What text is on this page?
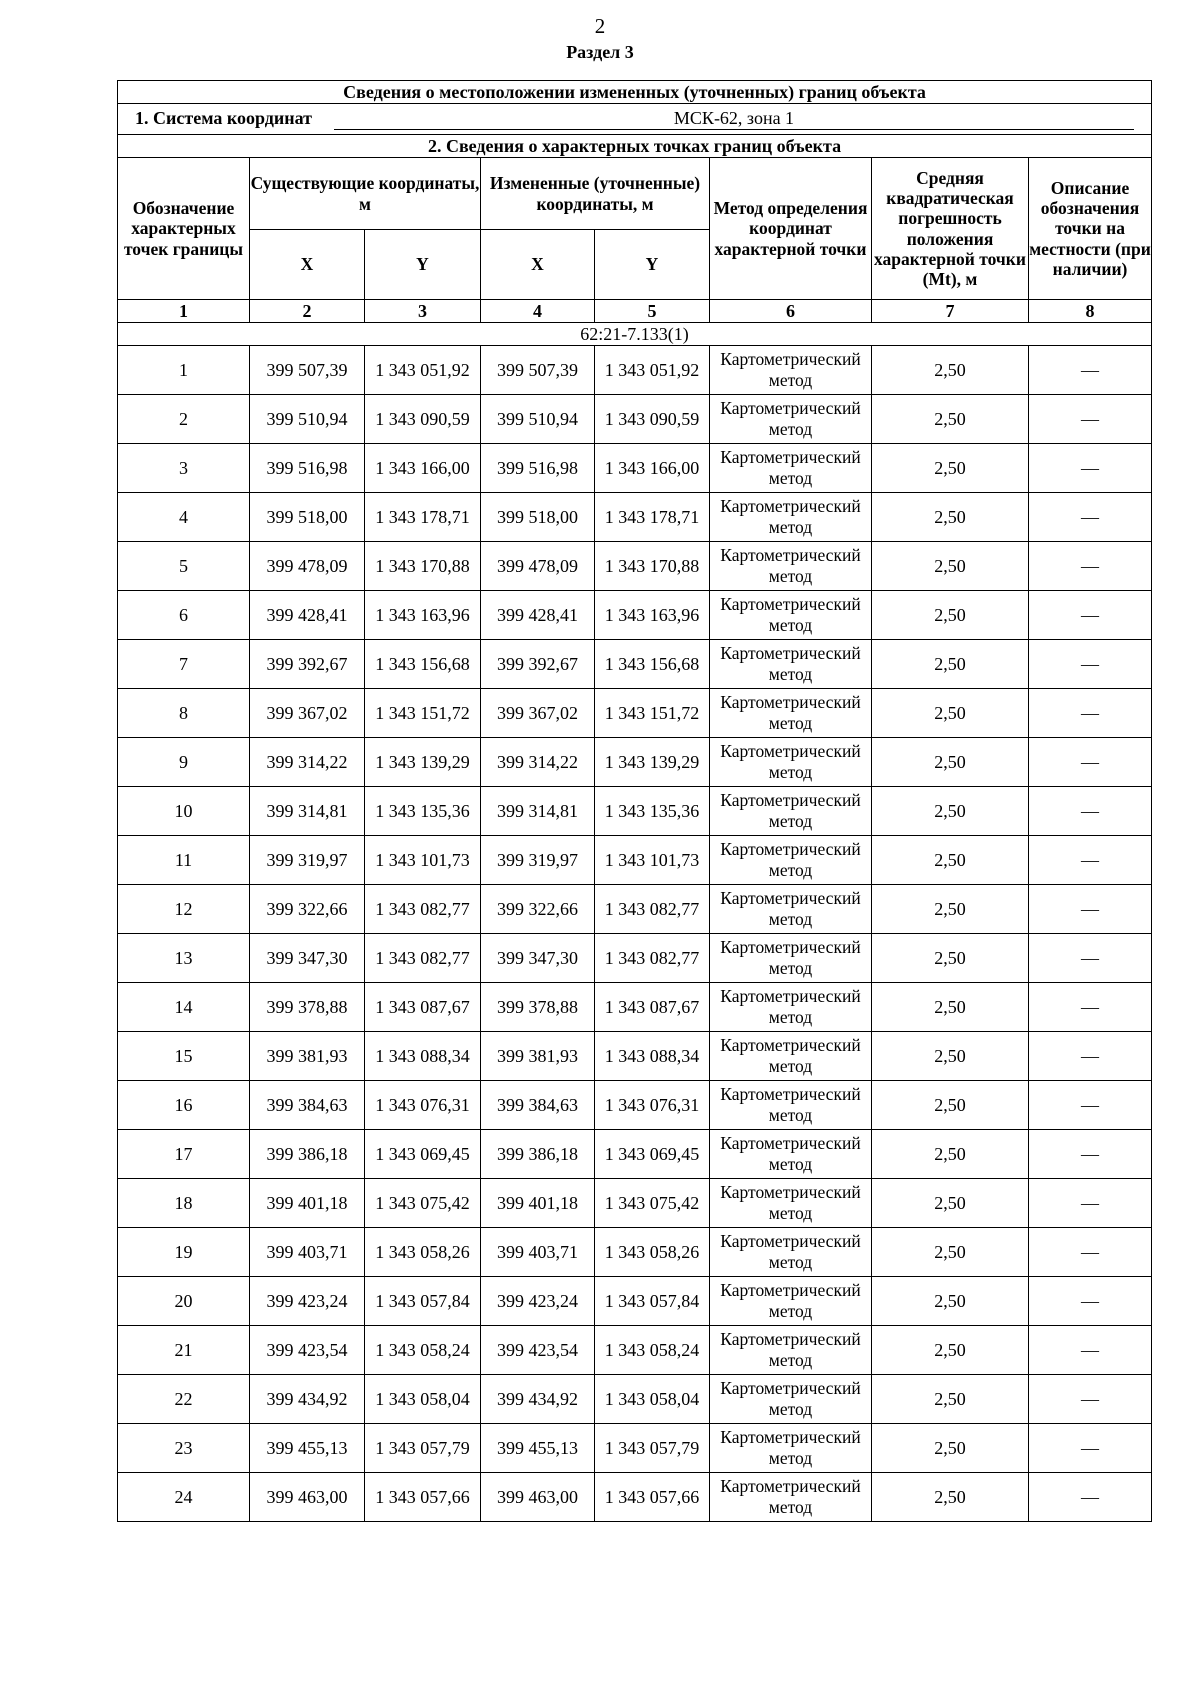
2
Раздел 3
Сведения о местоположении измененных (уточненных) границ объекта							
1. Система координат МСК-62, зона 1							
2. Сведения о характерных точках границ объекта							
Обозначение характерных точек границы	Существующие координаты, м		Измененные (уточненные) координаты, м		Метод определения координат характерной точки	Средняя квадратическая погрешность положения характерной точки (Mt), м	Описание обозначения точки на местности (при наличии)
	X	Y	X	Y			
1	2	3	4	5	6	7	8
62:21-7.133(1)							
1	399 507,39	1 343 051,92	399 507,39	1 343 051,92	Картометрический метод	2,50	—
2	399 510,94	1 343 090,59	399 510,94	1 343 090,59	Картометрический метод	2,50	—
3	399 516,98	1 343 166,00	399 516,98	1 343 166,00	Картометрический метод	2,50	—
4	399 518,00	1 343 178,71	399 518,00	1 343 178,71	Картометрический метод	2,50	—
5	399 478,09	1 343 170,88	399 478,09	1 343 170,88	Картометрический метод	2,50	—
6	399 428,41	1 343 163,96	399 428,41	1 343 163,96	Картометрический метод	2,50	—
7	399 392,67	1 343 156,68	399 392,67	1 343 156,68	Картометрический метод	2,50	—
8	399 367,02	1 343 151,72	399 367,02	1 343 151,72	Картометрический метод	2,50	—
9	399 314,22	1 343 139,29	399 314,22	1 343 139,29	Картометрический метод	2,50	—
10	399 314,81	1 343 135,36	399 314,81	1 343 135,36	Картометрический метод	2,50	—
11	399 319,97	1 343 101,73	399 319,97	1 343 101,73	Картометрический метод	2,50	—
12	399 322,66	1 343 082,77	399 322,66	1 343 082,77	Картометрический метод	2,50	—
13	399 347,30	1 343 082,77	399 347,30	1 343 082,77	Картометрический метод	2,50	—
14	399 378,88	1 343 087,67	399 378,88	1 343 087,67	Картометрический метод	2,50	—
15	399 381,93	1 343 088,34	399 381,93	1 343 088,34	Картометрический метод	2,50	—
16	399 384,63	1 343 076,31	399 384,63	1 343 076,31	Картометрический метод	2,50	—
17	399 386,18	1 343 069,45	399 386,18	1 343 069,45	Картометрический метод	2,50	—
18	399 401,18	1 343 075,42	399 401,18	1 343 075,42	Картометрический метод	2,50	—
19	399 403,71	1 343 058,26	399 403,71	1 343 058,26	Картометрический метод	2,50	—
20	399 423,24	1 343 057,84	399 423,24	1 343 057,84	Картометрический метод	2,50	—
21	399 423,54	1 343 058,24	399 423,54	1 343 058,24	Картометрический метод	2,50	—
22	399 434,92	1 343 058,04	399 434,92	1 343 058,04	Картометрический метод	2,50	—
23	399 455,13	1 343 057,79	399 455,13	1 343 057,79	Картометрический метод	2,50	—
24	399 463,00	1 343 057,66	399 463,00	1 343 057,66	Картометрический метод	2,50	—
